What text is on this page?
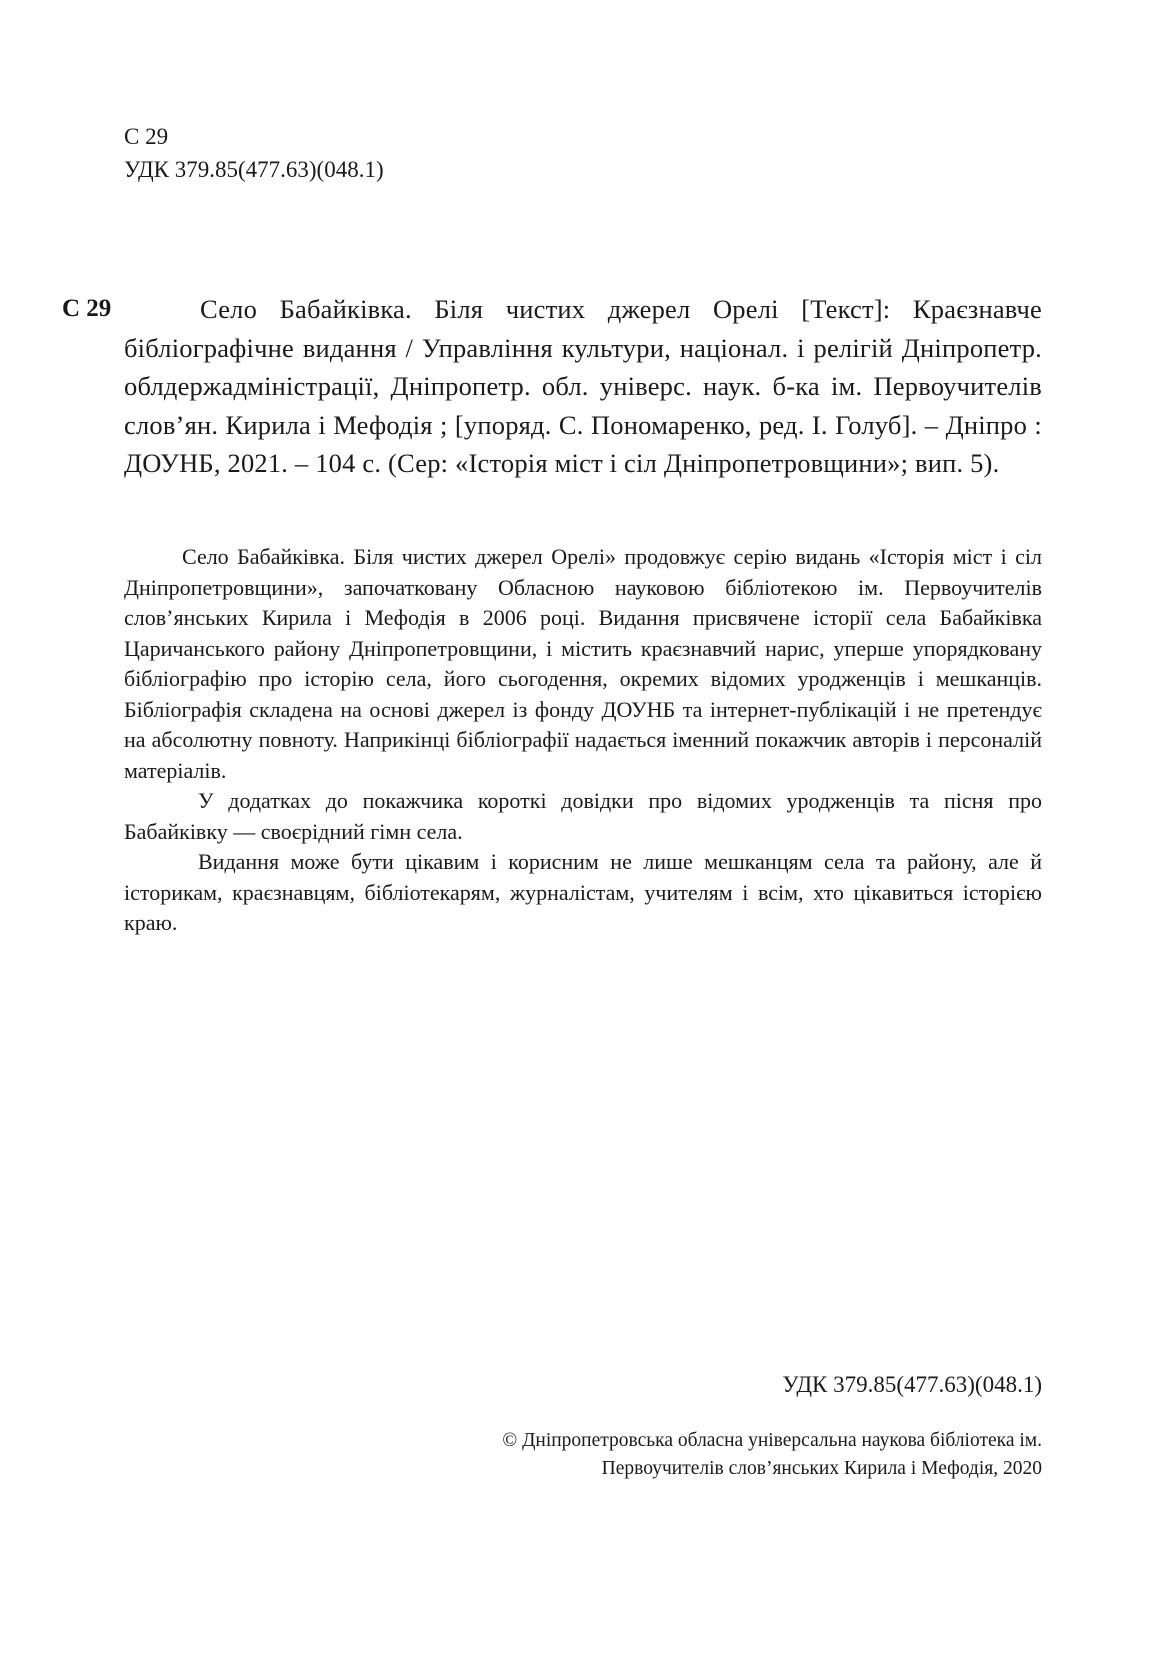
С 29
УДК 379.85(477.63)(048.1)
С 29	Село Бабайківка. Біля чистих джерел Орелі [Текст]: Краєзнавче бібліографічне видання / Управління культури, націонал. і релігій Дніпропетр. облдержадміністрації, Дніпропетр. обл. універс. наук. б-ка ім. Первоучителів слов’ян. Кирила і Мефодія ; [упоряд. С. Пономаренко, ред. І. Голуб]. – Дніпро : ДОУНБ, 2021. – 104 с. (Сер: «Історія міст і сіл Дніпропетровщини»; вип. 5).

Село Бабайківка. Біля чистих джерел Орелі» продовжує серію видань «Історія міст і сіл Дніпропетровщини», започатковану Обласною науковою бібліотекою ім. Первоучителів слов’янських Кирила і Мефодія в 2006 році. Видання присвячене історії села Бабайківка Царичанського району Дніпропетровщини, і містить краєзнавчий нарис, уперше упорядковану бібліографію про історію села, його сьогодення, окремих відомих уродженців і мешканців. Бібліографія складена на основі джерел із фонду ДОУНБ та інтернет-публікацій і не претендує на абсолютну повноту. Наприкінці бібліографії надається іменний покажчик авторів і персоналій матеріалів.

У додатках до покажчика короткі довідки про відомих уродженців та пісня про Бабайківку — своєрідний гімн села.

Видання може бути цікавим і корисним не лише мешканцям села та району, але й історикам, краєзнавцям, бібліотекарям, журналістам, учителям і всім, хто цікавиться історією краю.

УДК 379.85(477.63)(048.1)
© Дніпропетровська обласна універсальна наукова бібліотека ім.
Первоучителів слов’янських Кирила і Мефодія, 2020
